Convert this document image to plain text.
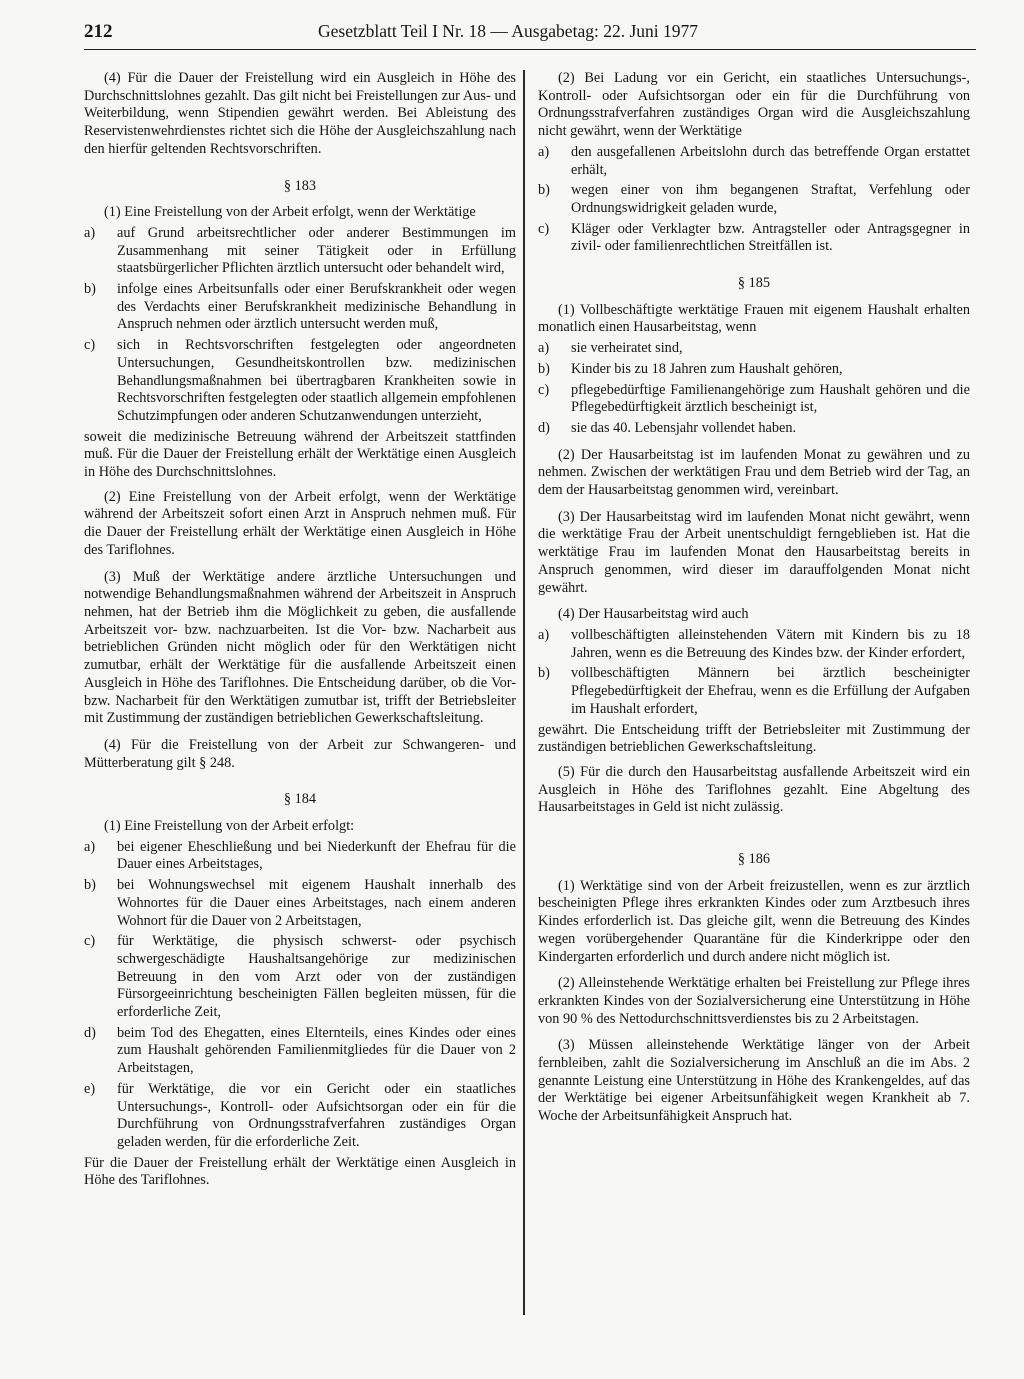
212	Gesetzblatt Teil I Nr. 18 — Ausgabetag: 22. Juni 1977

(4) Für die Dauer der Freistellung wird ein Ausgleich in Höhe des Durchschnittslohnes gezahlt. Das gilt nicht bei Freistellungen zur Aus- und Weiterbildung, wenn Stipendien gewährt werden. Bei Ableistung des Reservistenwehrdienstes richtet sich die Höhe der Ausgleichszahlung nach den hierfür geltenden Rechtsvorschriften.

§ 183

(1) Eine Freistellung von der Arbeit erfolgt, wenn der Werktätige

a) auf Grund arbeitsrechtlicher oder anderer Bestimmungen im Zusammenhang mit seiner Tätigkeit oder in Erfüllung staatsbürgerlicher Pflichten ärztlich untersucht oder behandelt wird,
b) infolge eines Arbeitsunfalls oder einer Berufskrankheit oder wegen des Verdachts einer Berufskrankheit medizinische Behandlung in Anspruch nehmen oder ärztlich untersucht werden muß,
c) sich in Rechtsvorschriften festgelegten oder angeordneten Untersuchungen, Gesundheitskontrollen bzw. medizinischen Behandlungsmaßnahmen bei übertragbaren Krankheiten sowie in Rechtsvorschriften festgelegten oder staatlich allgemein empfohlenen Schutzimpfungen oder anderen Schutzanwendungen unterzieht,

soweit die medizinische Betreuung während der Arbeitszeit stattfinden muß. Für die Dauer der Freistellung erhält der Werktätige einen Ausgleich in Höhe des Durchschnittslohnes.

(2) Eine Freistellung von der Arbeit erfolgt, wenn der Werktätige während der Arbeitszeit sofort einen Arzt in Anspruch nehmen muß. Für die Dauer der Freistellung erhält der Werktätige einen Ausgleich in Höhe des Tariflohnes.

(3) Muß der Werktätige andere ärztliche Untersuchungen und notwendige Behandlungsmaßnahmen während der Arbeitszeit in Anspruch nehmen, hat der Betrieb ihm die Möglichkeit zu geben, die ausfallende Arbeitszeit vor- bzw. nachzuarbeiten. Ist die Vor- bzw. Nacharbeit aus betrieblichen Gründen nicht möglich oder für den Werktätigen nicht zumutbar, erhält der Werktätige für die ausfallende Arbeitszeit einen Ausgleich in Höhe des Tariflohnes. Die Entscheidung darüber, ob die Vor- bzw. Nacharbeit für den Werktätigen zumutbar ist, trifft der Betriebsleiter mit Zustimmung der zuständigen betrieblichen Gewerkschaftsleitung.

(4) Für die Freistellung von der Arbeit zur Schwangeren- und Mütterberatung gilt § 248.

§ 184

(1) Eine Freistellung von der Arbeit erfolgt:

a) bei eigener Eheschließung und bei Niederkunft der Ehefrau für die Dauer eines Arbeitstages,
b) bei Wohnungswechsel mit eigenem Haushalt innerhalb des Wohnortes für die Dauer eines Arbeitstages, nach einem anderen Wohnort für die Dauer von 2 Arbeitstagen,
c) für Werktätige, die physisch schwerst- oder psychisch schwergeschädigte Haushaltsangehörige zur medizinischen Betreuung in den vom Arzt oder von der zuständigen Fürsorgeeinrichtung bescheinigten Fällen begleiten müssen, für die erforderliche Zeit,
d) beim Tod des Ehegatten, eines Elternteils, eines Kindes oder eines zum Haushalt gehörenden Familienmitgliedes für die Dauer von 2 Arbeitstagen,
e) für Werktätige, die vor ein Gericht oder ein staatliches Untersuchungs-, Kontroll- oder Aufsichtsorgan oder ein für die Durchführung von Ordnungsstrafverfahren zuständiges Organ geladen werden, für die erforderliche Zeit.

Für die Dauer der Freistellung erhält der Werktätige einen Ausgleich in Höhe des Tariflohnes.

(2) Bei Ladung vor ein Gericht, ein staatliches Untersuchungs-, Kontroll- oder Aufsichtsorgan oder ein für die Durchführung von Ordnungsstrafverfahren zuständiges Organ wird die Ausgleichszahlung nicht gewährt, wenn der Werktätige

a) den ausgefallenen Arbeitslohn durch das betreffende Organ erstattet erhält,
b) wegen einer von ihm begangenen Straftat, Verfehlung oder Ordnungswidrigkeit geladen wurde,
c) Kläger oder Verklagter bzw. Antragsteller oder Antragsgegner in zivil- oder familienrechtlichen Streitfällen ist.

§ 185

(1) Vollbeschäftigte werktätige Frauen mit eigenem Haushalt erhalten monatlich einen Hausarbeitstag, wenn

a) sie verheiratet sind,
b) Kinder bis zu 18 Jahren zum Haushalt gehören,
c) pflegebedürftige Familienangehörige zum Haushalt gehören und die Pflegebedürftigkeit ärztlich bescheinigt ist,
d) sie das 40. Lebensjahr vollendet haben.

(2) Der Hausarbeitstag ist im laufenden Monat zu gewähren und zu nehmen. Zwischen der werktätigen Frau und dem Betrieb wird der Tag, an dem der Hausarbeitstag genommen wird, vereinbart.

(3) Der Hausarbeitstag wird im laufenden Monat nicht gewährt, wenn die werktätige Frau der Arbeit unentschuldigt ferngeblieben ist. Hat die werktätige Frau im laufenden Monat den Hausarbeitstag bereits in Anspruch genommen, wird dieser im darauffolgenden Monat nicht gewährt.

(4) Der Hausarbeitstag wird auch

a) vollbeschäftigten alleinstehenden Vätern mit Kindern bis zu 18 Jahren, wenn es die Betreuung des Kindes bzw. der Kinder erfordert,
b) vollbeschäftigten Männern bei ärztlich bescheinigter Pflegebedürftigkeit der Ehefrau, wenn es die Erfüllung der Aufgaben im Haushalt erfordert,

gewährt. Die Entscheidung trifft der Betriebsleiter mit Zustimmung der zuständigen betrieblichen Gewerkschaftsleitung.

(5) Für die durch den Hausarbeitstag ausfallende Arbeitszeit wird ein Ausgleich in Höhe des Tariflohnes gezahlt. Eine Abgeltung des Hausarbeitstages in Geld ist nicht zulässig.

§ 186

(1) Werktätige sind von der Arbeit freizustellen, wenn es zur ärztlich bescheinigten Pflege ihres erkrankten Kindes oder zum Arztbesuch ihres Kindes erforderlich ist. Das gleiche gilt, wenn die Betreuung des Kindes wegen vorübergehender Quarantäne für die Kinderkrippe oder den Kindergarten erforderlich und durch andere nicht möglich ist.

(2) Alleinstehende Werktätige erhalten bei Freistellung zur Pflege ihres erkrankten Kindes von der Sozialversicherung eine Unterstützung in Höhe von 90 % des Nettodurchschnittsverdienstes bis zu 2 Arbeitstagen.

(3) Müssen alleinstehende Werktätige länger von der Arbeit fernbleiben, zahlt die Sozialversicherung im Anschluß an die im Abs. 2 genannte Leistung eine Unterstützung in Höhe des Krankengeldes, auf das der Werktätige bei eigener Arbeitsunfähigkeit wegen Krankheit ab 7. Woche der Arbeitsunfähigkeit Anspruch hat.
